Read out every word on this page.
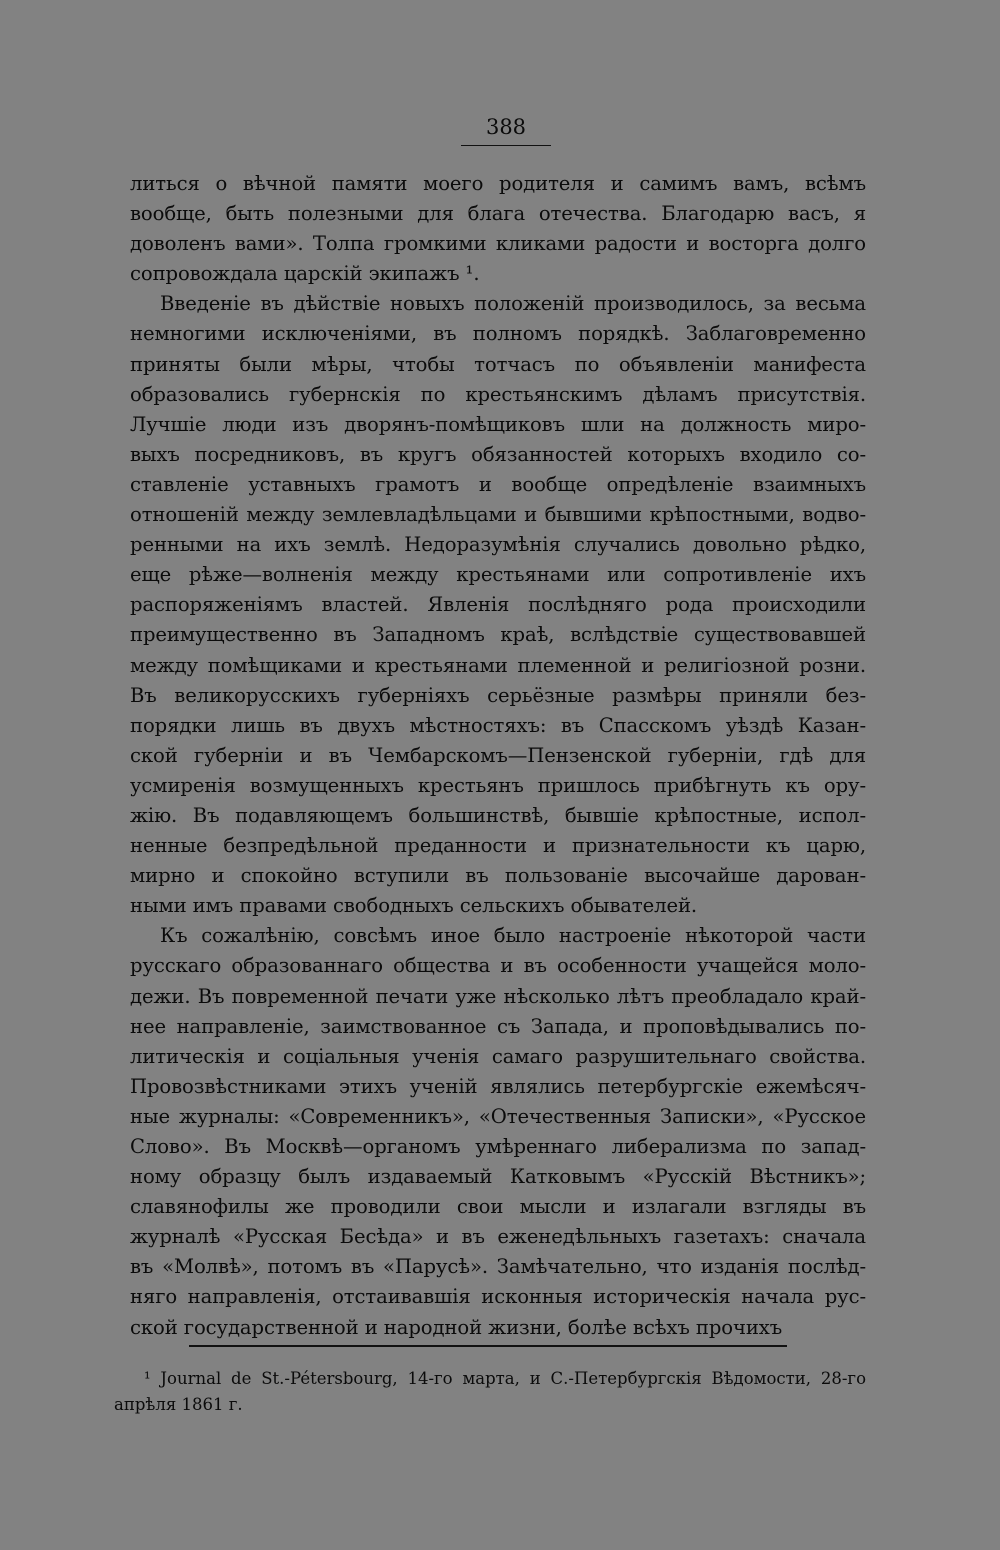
388
литься о вѣчной памяти моего родителя и самимъ вамъ, всѣмъ
вообще, быть полезными для блага отечества. Благодарю васъ, я
доволенъ вами». Толпа громкими кликами радости и восторга долго
сопровождала царскій экипажъ ¹.
Введеніе въ дѣйствіе новыхъ положеній производилось, за весьма
немногими исключеніями, въ полномъ порядкѣ. Заблаговременно
приняты были мѣры, чтобы тотчасъ по объявленіи манифеста
образовались губернскія по крестьянскимъ дѣламъ присутствія.
Лучшіе люди изъ дворянъ-помѣщиковъ шли на должность миро-
выхъ посредниковъ, въ кругъ обязанностей которыхъ входило со-
ставленіе уставныхъ грамотъ и вообще опредѣленіе взаимныхъ
отношеній между землевладѣльцами и бывшими крѣпостными, водво-
ренными на ихъ землѣ. Недоразумѣнія случались довольно рѣдко,
еще рѣже—волненія между крестьянами или сопротивленіе ихъ
распоряженіямъ властей. Явленія послѣдняго рода происходили
преимущественно въ Западномъ краѣ, вслѣдствіе существовавшей
между помѣщиками и крестьянами племенной и религіозной розни.
Въ великорусскихъ губерніяхъ серьёзные размѣры приняли без-
порядки лишь въ двухъ мѣстностяхъ: въ Спасскомъ уѣздѣ Казан-
ской губерніи и въ Чембарскомъ—Пензенской губерніи, гдѣ для
усмиренія возмущенныхъ крестьянъ пришлось прибѣгнуть къ ору-
жію. Въ подавляющемъ большинствѣ, бывшіе крѣпостные, испол-
ненные безпредѣльной преданности и признательности къ царю,
мирно и спокойно вступили въ пользованіе высочайше дарован-
ными имъ правами свободныхъ сельскихъ обывателей.
Къ сожалѣнію, совсѣмъ иное было настроеніе нѣкоторой части
русскаго образованнаго общества и въ особенности учащейся моло-
дежи. Въ повременной печати уже нѣсколько лѣтъ преобладало край-
нее направленіе, заимствованное съ Запада, и проповѣдывались по-
литическія и соціальныя ученія самаго разрушительнаго свойства.
Провозвѣстниками этихъ ученій являлись петербургскіе ежемѣсяч-
ные журналы: «Современникъ», «Отечественныя Записки», «Русское
Слово». Въ Москвѣ—органомъ умѣреннаго либерализма по запад-
ному образцу былъ издаваемый Катковымъ «Русскій Вѣстникъ»;
славянофилы же проводили свои мысли и излагали взгляды въ
журналѣ «Русская Бесѣда» и въ еженедѣльныхъ газетахъ: сначала
въ «Молвѣ», потомъ въ «Парусѣ». Замѣчательно, что изданія послѣд-
няго направленія, отстаивавшія исконныя историческія начала рус-
ской государственной и народной жизни, болѣе всѣхъ прочихъ
¹ Journal de St.-Pétersbourg, 14-го марта, и С.-Петербургскія Вѣдомости, 28-го
апрѣля 1861 г.
